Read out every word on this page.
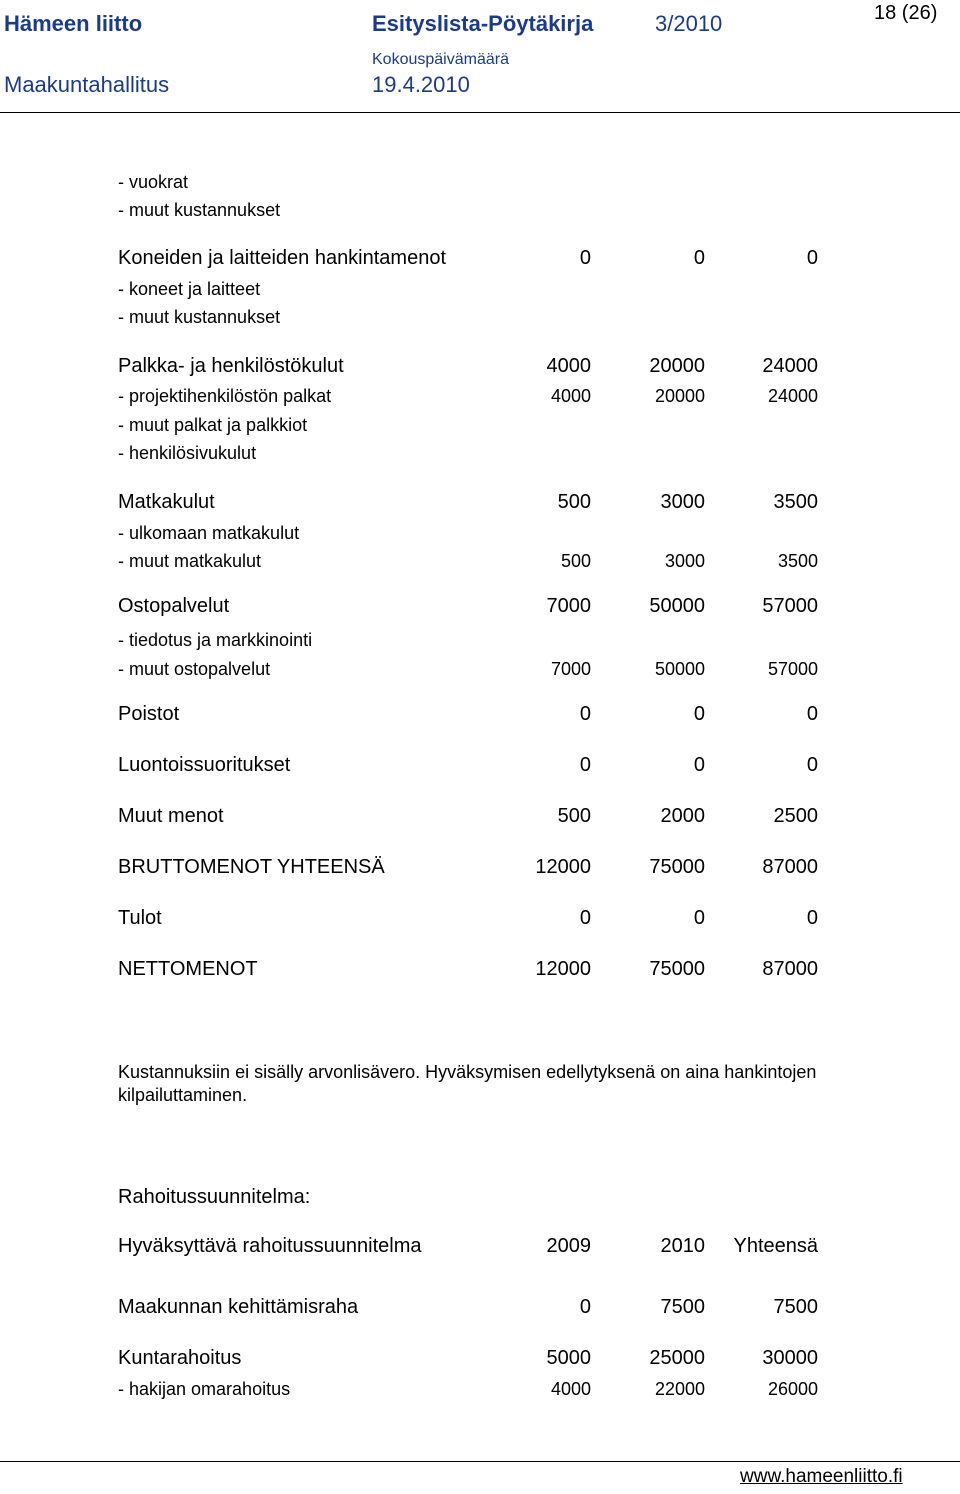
Hämeen liitto	Esityslista-Pöytäkirja	3/2010	18 (26)
Kokouspäivämäärä
Maakuntahallitus	19.4.2010
- vuokrat
- muut kustannukset
Koneiden ja laitteiden hankintamenot	0	0	0
- koneet ja laitteet
- muut kustannukset
Palkka- ja henkilöstökulut	4000	20000	24000
- projektihenkilöstön palkat	4000	20000	24000
- muut palkat ja palkkiot
- henkilösivukulut
Matkakulut	500	3000	3500
- ulkomaan matkakulut
- muut matkakulut	500	3000	3500
Ostopalvelut	7000	50000	57000
- tiedotus ja markkinointi
- muut ostopalvelut	7000	50000	57000
Poistot	0	0	0
Luontoissuoritukset	0	0	0
Muut menot	500	2000	2500
BRUTTOMENOT YHTEENSÄ	12000	75000	87000
Tulot	0	0	0
NETTOMENOT	12000	75000	87000
Kustannuksiin ei sisälly arvonlisävero. Hyväksymisen edellytyksenä on aina hankintojen kilpailuttaminen.
Rahoitussuunnitelma:
Hyväksyttävä rahoitussuunnitelma	2009	2010 Yhteensä
Maakunnan kehittämisraha	0	7500	7500
Kuntarahoitus	5000	25000	30000
- hakijan omarahoitus	4000	22000	26000
www.hameenliitto.fi
